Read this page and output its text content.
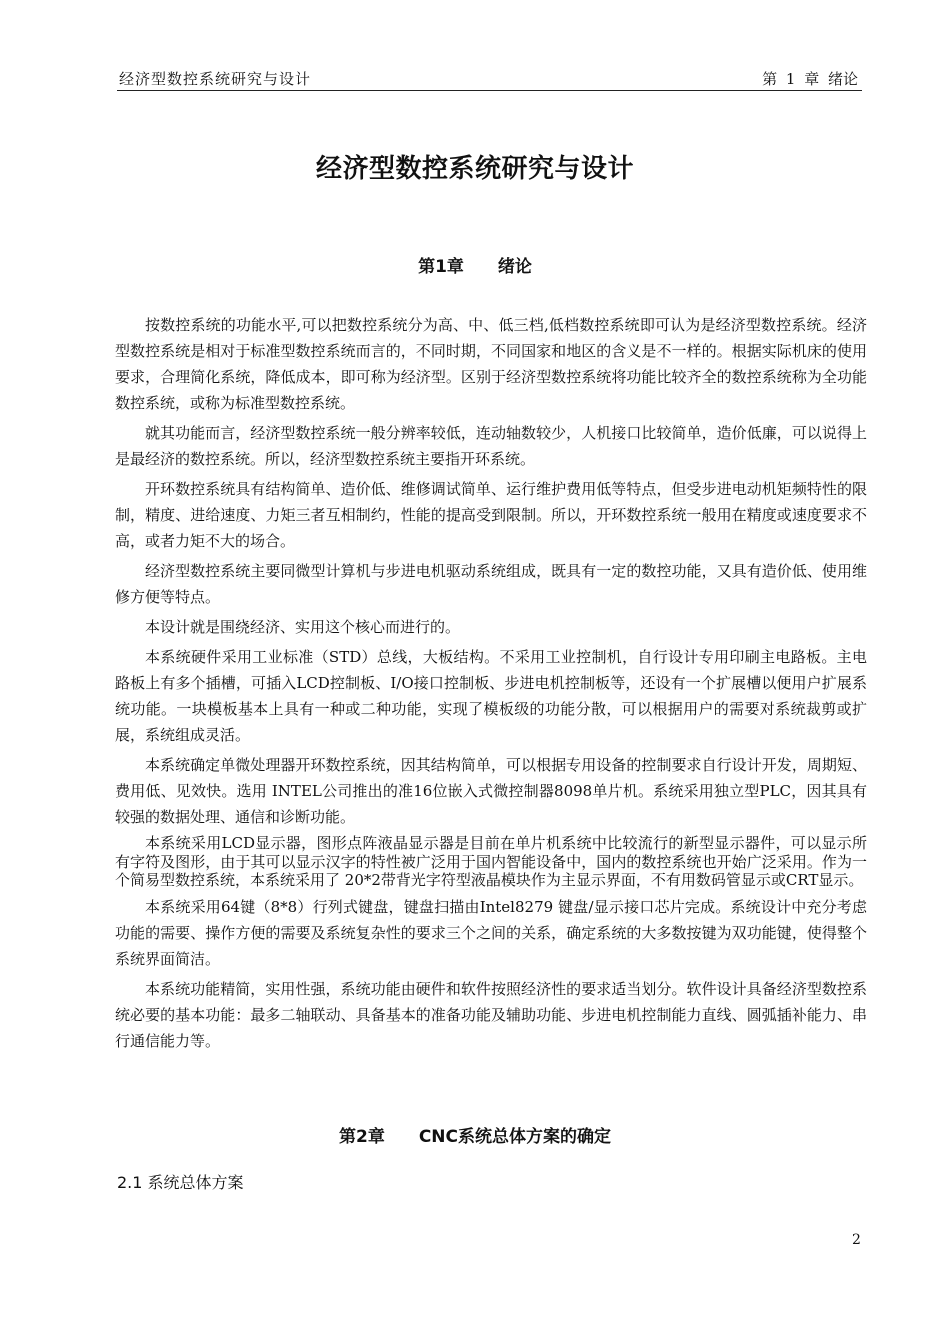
经济型数控系统研究与设计	第 1 章 绪论
经济型数控系统研究与设计
第1章 绪论

按数控系统的功能水平,可以把数控系统分为高、中、低三档,低档数控系统即可认为是经济型数控系统。经济型数控系统是相对于标准型数控系统而言的，不同时期，不同国家和地区的含义是不一样的。根据实际机床的使用要求，合理简化系统，降低成本，即可称为经济型。区别于经济型数控系统将功能比较齐全的数控系统称为全功能数控系统，或称为标准型数控系统。

就其功能而言，经济型数控系统一般分辨率较低，连动轴数较少，人机接口比较简单，造价低廉，可以说得上是最经济的数控系统。所以，经济型数控系统主要指开环系统。

开环数控系统具有结构简单、造价低、维修调试简单、运行维护费用低等特点，但受步进电动机矩频特性的限制，精度、进给速度、力矩三者互相制约，性能的提高受到限制。所以，开环数控系统一般用在精度或速度要求不高，或者力矩不大的场合。

经济型数控系统主要同微型计算机与步进电机驱动系统组成，既具有一定的数控功能，又具有造价低、使用维修方便等特点。

本设计就是围绕经济、实用这个核心而进行的。

本系统硬件采用工业标准（STD）总线，大板结构。不采用工业控制机，自行设计专用印刷主电路板。主电路板上有多个插槽，可插入LCD控制板、I/O接口控制板、步进电机控制板等，还设有一个扩展槽以便用户扩展系统功能。一块模板基本上具有一种或二种功能，实现了模板级的功能分散，可以根据用户的需要对系统裁剪或扩展，系统组成灵活。

本系统确定单微处理器开环数控系统，因其结构简单，可以根据专用设备的控制要求自行设计开发，周期短、费用低、见效快。选用 INTEL公司推出的准16位嵌入式微控制器8098单片机。系统采用独立型PLC，因其具有较强的数据处理、通信和诊断功能。

本系统采用LCD显示器，图形点阵液晶显示器是目前在单片机系统中比较流行的新型显示器件，可以显示所有字符及图形，由于其可以显示汉字的特性被广泛用于国内智能设备中，国内的数控系统也开始广泛采用。作为一个简易型数控系统，本系统采用了 20*2带背光字符型液晶模块作为主显示界面，不有用数码管显示或CRT显示。

本系统采用64键（8*8）行列式键盘，键盘扫描由Intel8279 键盘/显示接口芯片完成。系统设计中充分考虑功能的需要、操作方便的需要及系统复杂性的要求三个之间的关系，确定系统的大多数按键为双功能键，使得整个系统界面简洁。

本系统功能精简，实用性强，系统功能由硬件和软件按照经济性的要求适当划分。软件设计具备经济型数控系统必要的基本功能：最多二轴联动、具备基本的准备功能及辅助功能、步进电机控制能力直线、圆弧插补能力、串行通信能力等。

第2章 CNC系统总体方案的确定
2.1 系统总体方案
2
